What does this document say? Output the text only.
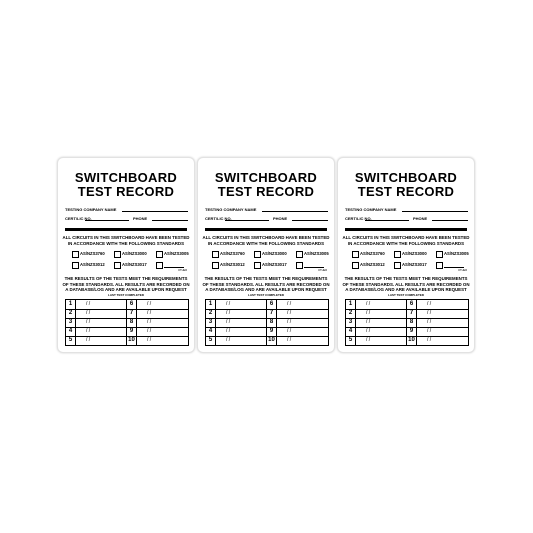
SWITCHBOARD
TEST RECORD
TESTING COMPANY NAME
CERT/LIC NO.	PHONE
ALL CIRCUITS IN THIS SWITCHBOARD HAVE BEEN TESTED IN ACCORDANCE WITH THE FOLLOWING STANDARDS
AS/NZS3760	AS/NZS3000	AS/NZS3005
AS/NZS3012	AS/NZS3017
OTHER
THE RESULTS OF THE TESTS MEET THE REQUIREMENTS OF THESE STANDARDS. ALL RESULTS ARE RECORDED ON A DATABASE/LOG AND ARE AVAILABLE UPON REQUEST
LAST TEST COMPLETED
1	/ /	6	/ /
2	/ /	7	/ /
3	/ /	8	/ /
4	/ /	9	/ /
5	/ /	10	/ /
SWITCHBOARD
TEST RECORD
TESTING COMPANY NAME
CERT/LIC NO.	PHONE
ALL CIRCUITS IN THIS SWITCHBOARD HAVE BEEN TESTED IN ACCORDANCE WITH THE FOLLOWING STANDARDS
AS/NZS3760	AS/NZS3000	AS/NZS3005
AS/NZS3012	AS/NZS3017
OTHER
THE RESULTS OF THE TESTS MEET THE REQUIREMENTS OF THESE STANDARDS. ALL RESULTS ARE RECORDED ON A DATABASE/LOG AND ARE AVAILABLE UPON REQUEST
LAST TEST COMPLETED
1	/ /	6	/ /
2	/ /	7	/ /
3	/ /	8	/ /
4	/ /	9	/ /
5	/ /	10	/ /
SWITCHBOARD
TEST RECORD
TESTING COMPANY NAME
CERT/LIC NO.	PHONE
ALL CIRCUITS IN THIS SWITCHBOARD HAVE BEEN TESTED IN ACCORDANCE WITH THE FOLLOWING STANDARDS
AS/NZS3760	AS/NZS3000	AS/NZS3005
AS/NZS3012	AS/NZS3017
OTHER
THE RESULTS OF THE TESTS MEET THE REQUIREMENTS OF THESE STANDARDS. ALL RESULTS ARE RECORDED ON A DATABASE/LOG AND ARE AVAILABLE UPON REQUEST
LAST TEST COMPLETED
1	/ /	6	/ /
2	/ /	7	/ /
3	/ /	8	/ /
4	/ /	9	/ /
5	/ /	10	/ /
